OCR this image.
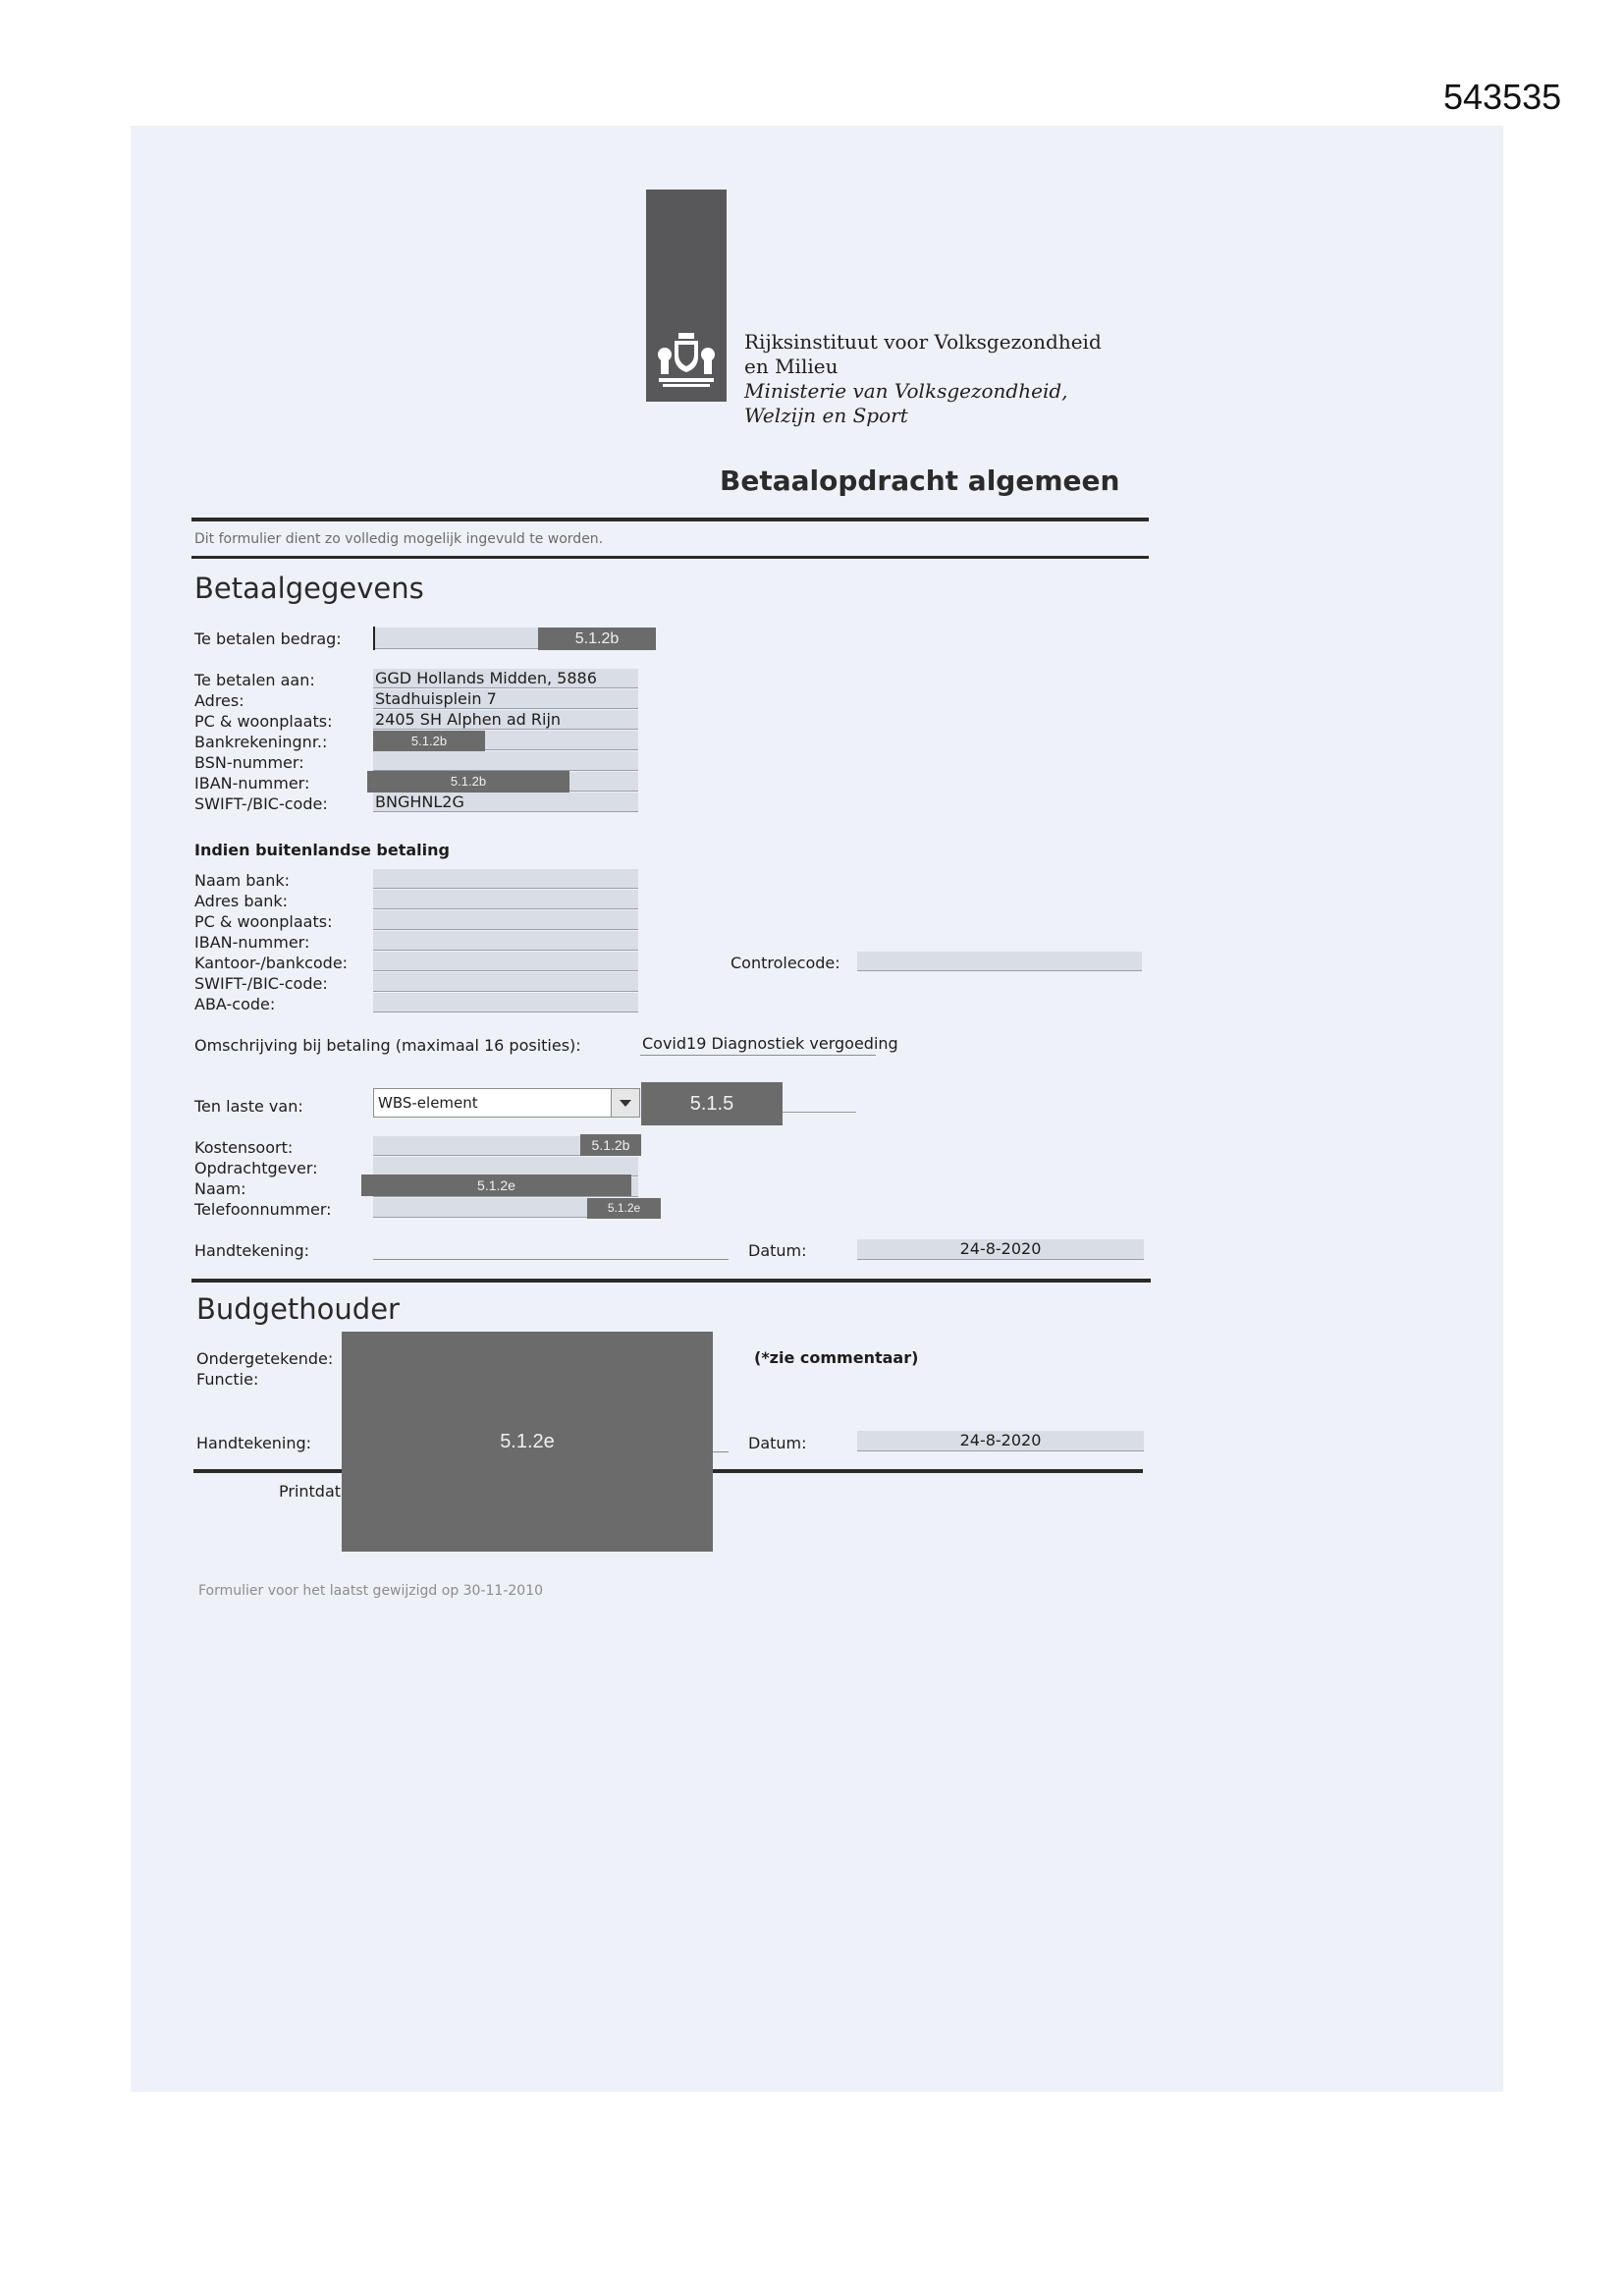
543535
Rijksinstituut voor Volksgezondheid
en Milieu
Ministerie van Volksgezondheid,
Welzijn en Sport
Betaalopdracht algemeen
Dit formulier dient zo volledig mogelijk ingevuld te worden.
Betaalgegevens
Te betalen bedrag:	5.1.2b
Te betalen aan:	GGD Hollands Midden, 5886
Adres:	Stadhuisplein 7
PC & woonplaats:	2405 SH Alphen ad Rijn
Bankrekeningnr.:	5.1.2b
BSN-nummer:
IBAN-nummer:	5.1.2b
SWIFT-/BIC-code:	BNGHNL2G
Indien buitenlandse betaling
Naam bank:
Adres bank:
PC & woonplaats:
IBAN-nummer:
Kantoor-/bankcode:
SWIFT-/BIC-code:
ABA-code:
Controlecode:
Omschrijving bij betaling (maximaal 16 posities):	Covid19 Diagnostiek vergoeding
Ten laste van:	WBS-element	5.1.5
Kostensoort:	5.1.2b
Opdrachtgever:
Naam:	5.1.2e
Telefoonnummer:	5.1.2e
Handtekening:	Datum:	24-8-2020
Budgethouder
Ondergetekende:
Functie:
(*zie commentaar)
Handtekening:	Datum:	24-8-2020
Printdat
5.1.2e
Formulier voor het laatst gewijzigd op 30-11-2010
